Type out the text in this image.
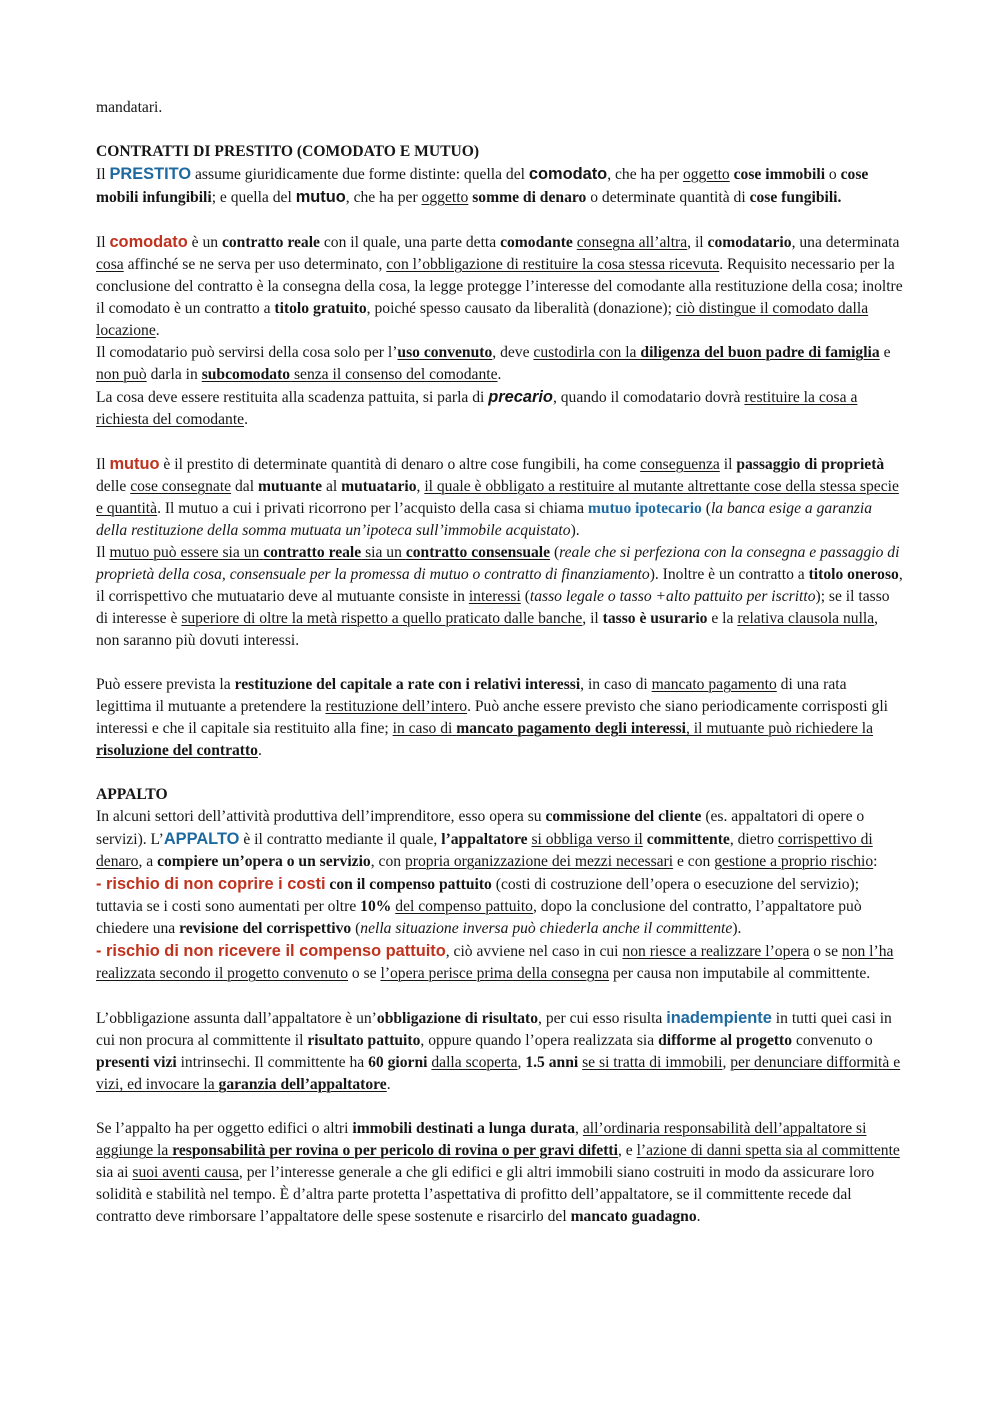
mandatari.

CONTRATTI DI PRESTITO (COMODATO E MUTUO)

Il PRESTITO assume giuridicamente due forme distinte: quella del comodato, che ha per oggetto cose immobili o cose mobili infungibili; e quella del mutuo, che ha per oggetto somme di denaro o determinate quantità di cose fungibili.

Il comodato è un contratto reale con il quale, una parte detta comodante consegna all’altra, il comodatario, una determinata cosa affinché se ne serva per uso determinato, con l’obbligazione di restituire la cosa stessa ricevuta. Requisito necessario per la conclusione del contratto è la consegna della cosa, la legge protegge l’interesse del comodante alla restituzione della cosa; inoltre il comodato è un contratto a titolo gratuito, poiché spesso causato da liberalità (donazione); ciò distingue il comodato dalla locazione.

Il comodatario può servirsi della cosa solo per l’uso convenuto, deve custodirla con la diligenza del buon padre di famiglia e non può darla in subcomodato senza il consenso del comodante.

La cosa deve essere restituita alla scadenza pattuita, si parla di precario, quando il comodatario dovrà restituire la cosa a richiesta del comodante.

Il mutuo è il prestito di determinate quantità di denaro o altre cose fungibili, ha come conseguenza il passaggio di proprietà delle cose consegnate dal mutuante al mutuatario, il quale è obbligato a restituire al mutante altrettante cose della stessa specie e quantità. Il mutuo a cui i privati ricorrono per l’acquisto della casa si chiama mutuo ipotecario (la banca esige a garanzia della restituzione della somma mutuata un’ipoteca sull’immobile acquistato).

Il mutuo può essere sia un contratto reale sia un contratto consensuale (reale che si perfeziona con la consegna e passaggio di proprietà della cosa, consensuale per la promessa di mutuo o contratto di finanziamento). Inoltre è un contratto a titolo oneroso, il corrispettivo che mutuatario deve al mutuante consiste in interessi (tasso legale o tasso +alto pattuito per iscritto); se il tasso di interesse è superiore di oltre la metà rispetto a quello praticato dalle banche, il tasso è usurario e la relativa clausola nulla, non saranno più dovuti interessi.

Può essere prevista la restituzione del capitale a rate con i relativi interessi, in caso di mancato pagamento di una rata legittima il mutuante a pretendere la restituzione dell’intero. Può anche essere previsto che siano periodicamente corrisposti gli interessi e che il capitale sia restituito alla fine; in caso di mancato pagamento degli interessi, il mutuante può richiedere la risoluzione del contratto.

APPALTO

In alcuni settori dell’attività produttiva dell’imprenditore, esso opera su commissione del cliente (es. appaltatori di opere o servizi). L’APPALTO è il contratto mediante il quale, l’appaltatore si obbliga verso il committente, dietro corrispettivo di denaro, a compiere un’opera o un servizio, con propria organizzazione dei mezzi necessari e con gestione a proprio rischio:

- rischio di non coprire i costi con il compenso pattuito (costi di costruzione dell’opera o esecuzione del servizio); tuttavia se i costi sono aumentati per oltre 10% del compenso pattuito, dopo la conclusione del contratto, l’appaltatore può chiedere una revisione del corrispettivo (nella situazione inversa può chiederla anche il committente).

- rischio di non ricevere il compenso pattuito, ciò avviene nel caso in cui non riesce a realizzare l’opera o se non l’ha realizzata secondo il progetto convenuto o se l’opera perisce prima della consegna per causa non imputabile al committente.

L’obbligazione assunta dall’appaltatore è un’obbligazione di risultato, per cui esso risulta inadempiente in tutti quei casi in cui non procura al committente il risultato pattuito, oppure quando l’opera realizzata sia difforme al progetto convenuto o presenti vizi intrinsechi. Il committente ha 60 giorni dalla scoperta, 1.5 anni se si tratta di immobili, per denunciare difformità e vizi, ed invocare la garanzia dell’appaltatore.

Se l’appalto ha per oggetto edifici o altri immobili destinati a lunga durata, all’ordinaria responsabilità dell’appaltatore si aggiunge la responsabilità per rovina o per pericolo di rovina o per gravi difetti, e l’azione di danni spetta sia al committente sia ai suoi aventi causa, per l’interesse generale a che gli edifici e gli altri immobili siano costruiti in modo da assicurare loro solidità e stabilità nel tempo. È d’altra parte protetta l’aspettativa di profitto dell’appaltatore, se il committente recede dal contratto deve rimborsare l’appaltatore delle spese sostenute e risarcirlo del mancato guadagno.
